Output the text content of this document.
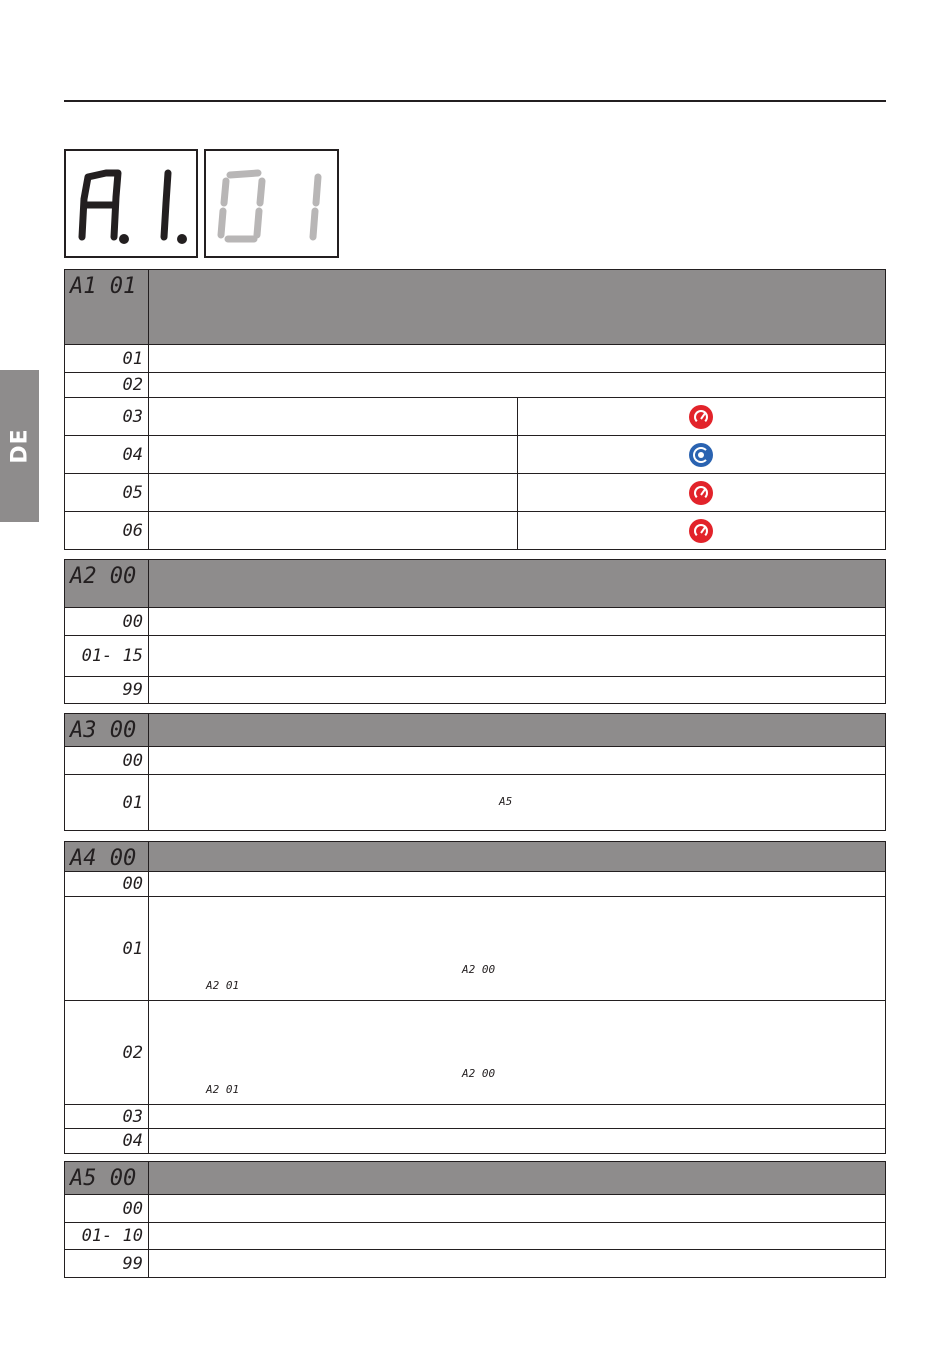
DE
A1 01		
01		
02		
03		
04		
05		
06		
A2 00	
00	
01- 15	
99	
A3 00	
00	
01	A5
A4 00	
00	
01	A2 00
A2 01

02	A2 00
A2 01

03	
04	
A5 00	
00	
01- 10	
99	
